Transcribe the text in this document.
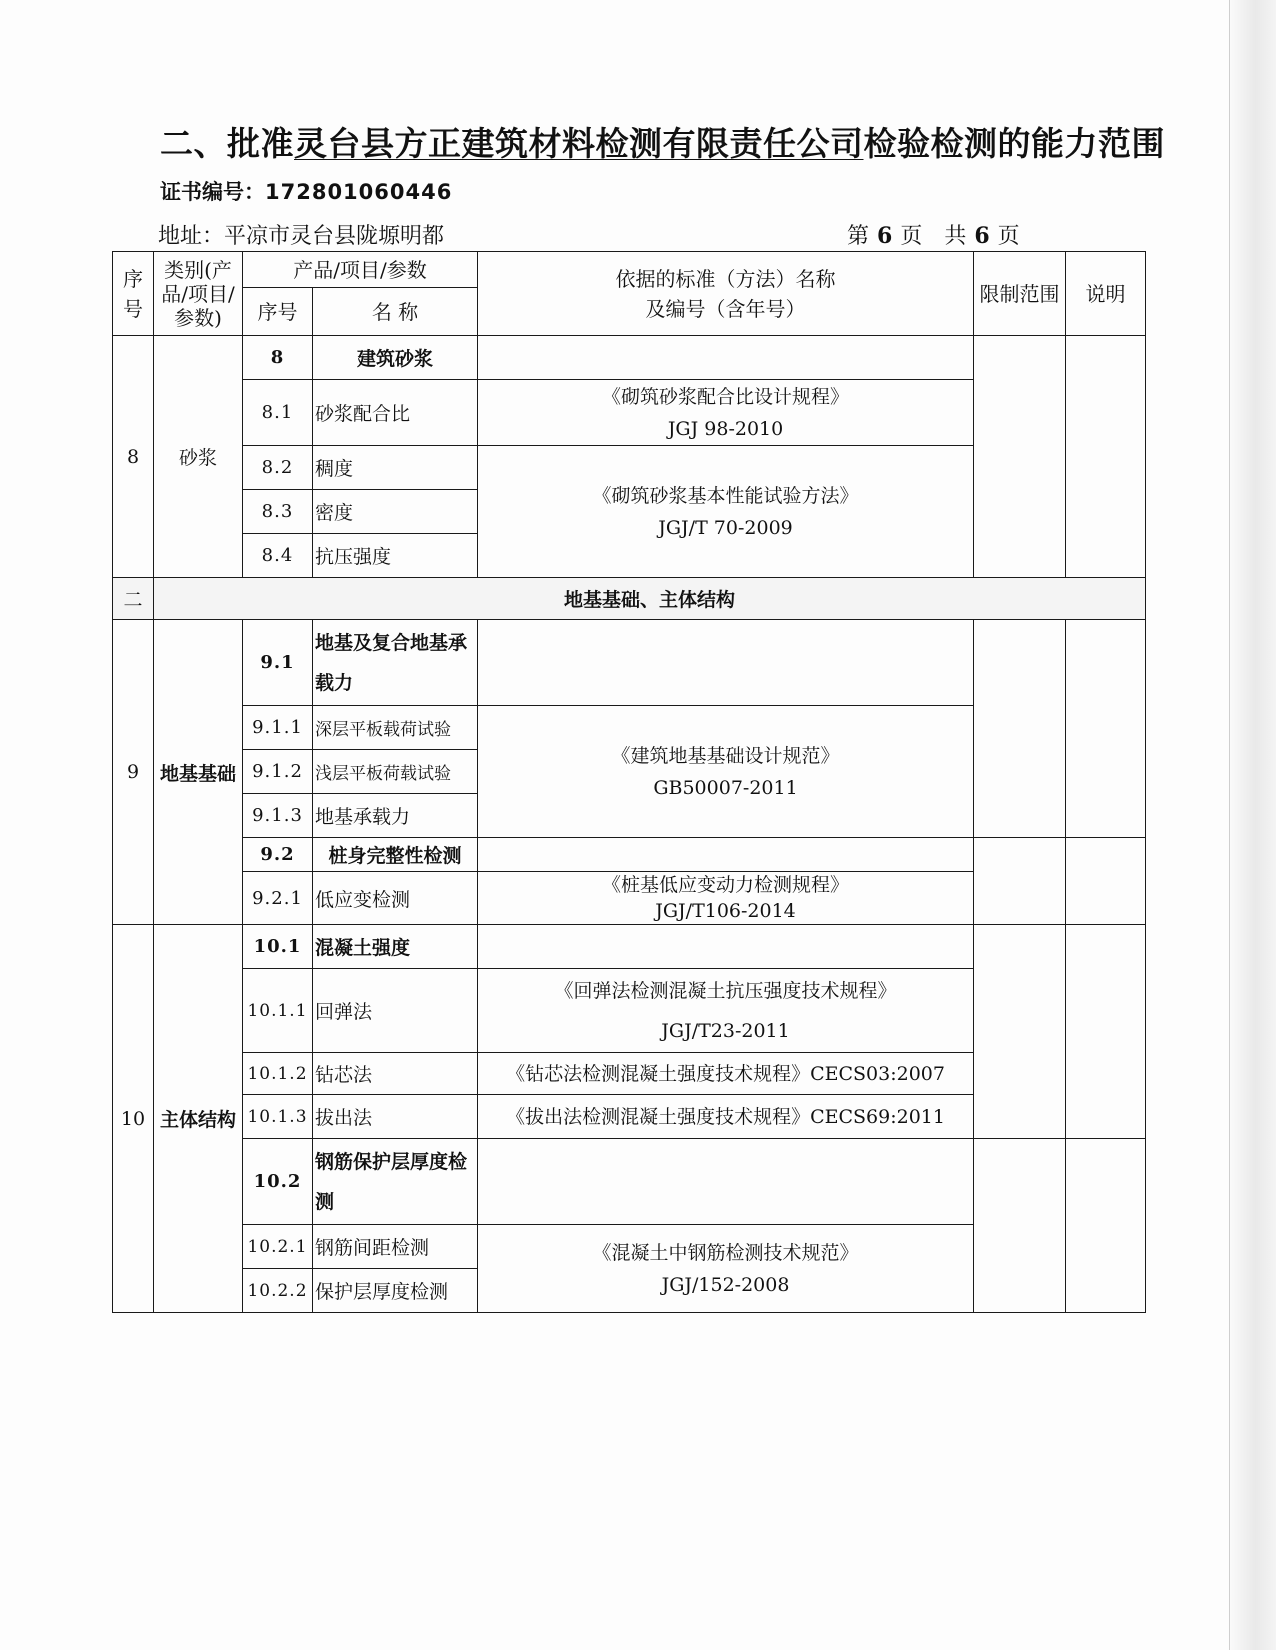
二、批准灵台县方正建筑材料检测有限责任公司检验检测的能力范围
证书编号：172801060446
地址：平凉市灵台县陇塬明都	第 6 页　共 6 页
序号	类别(产品/项目/参数)	产品/项目/参数		依据的标准（方法）名称
及编号（含年号）	限制范围	说明
		序号	名 称			
8	砂浆	8	建筑砂浆			
		8.1	砂浆配合比	《砌筑砂浆配合比设计规程》
JGJ 98-2010		

		8.2	稠度	《砌筑砂浆基本性能试验方法》
JGJ/T 70-2009		

		8.3	密度			
		8.4	抗压强度			
二	地基基础、主体结构					
9	地基基础	9.1	地基及复合地基承载力			
		9.1.1	深层平板载荷试验	《建筑地基基础设计规范》
GB50007-2011		

		9.1.2	浅层平板荷载试验			
		9.1.3	地基承载力			
		9.2	桩身完整性检测			
		9.2.1	低应变检测	《桩基低应变动力检测规程》
JGJ/T106-2014		

10	主体结构	10.1	混凝土强度			
		10.1.1	回弹法	《回弹法检测混凝土抗压强度技术规程》
JGJ/T23-2011		

		10.1.2	钻芯法	《钻芯法检测混凝土强度技术规程》CECS03:2007		
		10.1.3	拔出法	《拔出法检测混凝土强度技术规程》CECS69:2011		
		10.2	钢筋保护层厚度检测			
		10.2.1	钢筋间距检测	《混凝土中钢筋检测技术规范》
JGJ/152-2008		

		10.2.2	保护层厚度检测			
